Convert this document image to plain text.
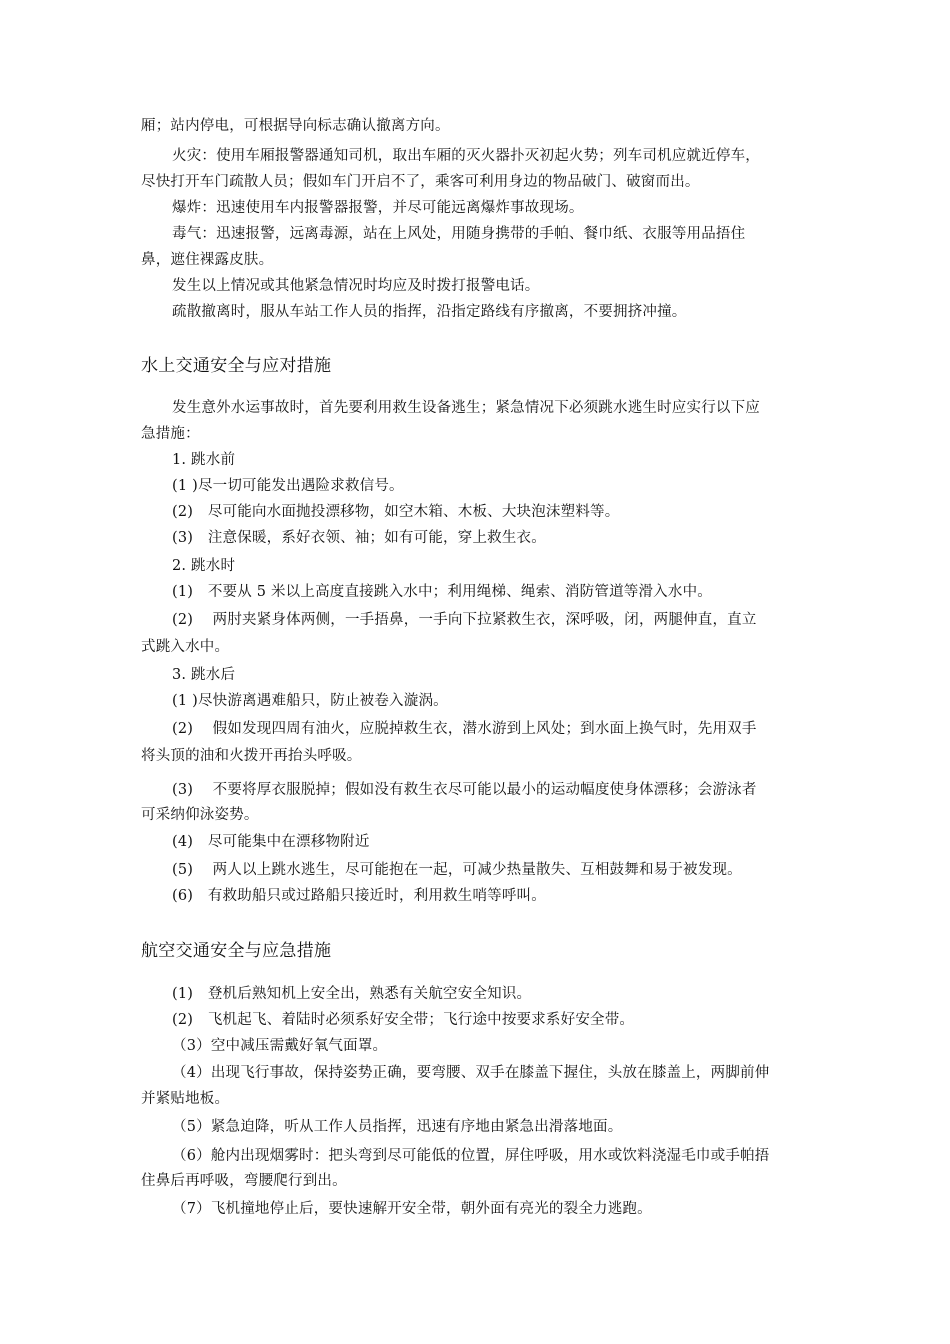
厢；站内停电，可根据导向标志确认撤离方向。

火灾：使用车厢报警器通知司机，取出车厢的灭火器扑灭初起火势；列车司机应就近停车，

尽快打开车门疏散人员；假如车门开启不了，乘客可利用身边的物品破门、破窗而出。

爆炸：迅速使用车内报警器报警，并尽可能远离爆炸事故现场。

毒气：迅速报警，远离毒源，站在上风处，用随身携带的手帕、餐巾纸、衣服等用品捂住

鼻，遮住裸露皮肤。

发生以上情况或其他紧急情况时均应及时拨打报警电话。

疏散撤离时，服从车站工作人员的指挥，沿指定路线有序撤离，不要拥挤冲撞。

水上交通安全与应对措施

发生意外水运事故时，首先要利用救生设备逃生；紧急情况下必须跳水逃生时应实行以下应

急措施：

1. 跳水前

(1 )尽一切可能发出遇险求救信号。

(2)　尽可能向水面抛投漂移物，如空木箱、木板、大块泡沫塑料等。

(3)　注意保暖，系好衣领、袖；如有可能，穿上救生衣。

2. 跳水时

(1)　不要从 5 米以上高度直接跳入水中；利用绳梯、绳索、消防管道等滑入水中。

(2)　 两肘夹紧身体两侧，一手捂鼻，一手向下拉紧救生衣，深呼吸，闭，两腿伸直，直立

式跳入水中。

3. 跳水后

(1 )尽快游离遇难船只，防止被卷入漩涡。

(2)　 假如发现四周有油火，应脱掉救生衣，潜水游到上风处；到水面上换气时，先用双手

将头顶的油和火拨开再抬头呼吸。

(3)　 不要将厚衣服脱掉；假如没有救生衣尽可能以最小的运动幅度使身体漂移；会游泳者

可采纳仰泳姿势。

(4)　尽可能集中在漂移物附近

(5)　 两人以上跳水逃生，尽可能抱在一起，可减少热量散失、互相鼓舞和易于被发现。

(6)　有救助船只或过路船只接近时，利用救生哨等呼叫。

航空交通安全与应急措施

(1)　登机后熟知机上安全出，熟悉有关航空安全知识。

(2)　飞机起飞、着陆时必须系好安全带；飞行途中按要求系好安全带。

（3）空中减压需戴好氧气面罩。

（4）出现飞行事故，保持姿势正确，要弯腰、双手在膝盖下握住，头放在膝盖上，两脚前伸

并紧贴地板。

（5）紧急迫降，听从工作人员指挥，迅速有序地由紧急出滑落地面。

（6）舱内出现烟雾时：把头弯到尽可能低的位置，屏住呼吸，用水或饮料浇湿毛巾或手帕捂

住鼻后再呼吸，弯腰爬行到出。

（7）飞机撞地停止后，要快速解开安全带，朝外面有亮光的裂全力逃跑。
